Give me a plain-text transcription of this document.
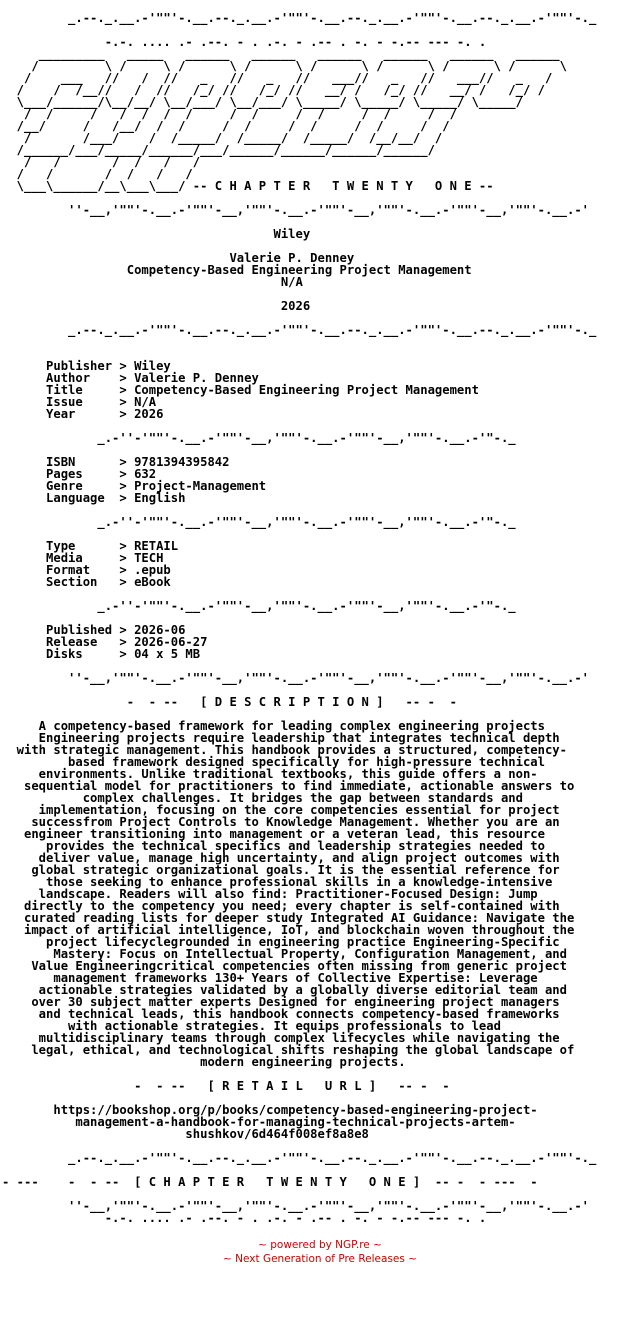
_.--._.__.-'""'-.__.--._.__.-'""'-.__.--._.__.-'""'-.__.--._.__.-'""'-._
-.-. .... .- .--. - . .-. - .-- . -. - -.-- --- -. .
_________   _____   ______   ______   ______   ______   ______   ______
/         \ /     \ /      \ /      \ /      \ /      \ /      \ /      \
/    ___   //   /  //   _   //   _   //   ___//   _   //   ___//   _   /
/    /  /__//   /  //   /_/ //   /_/ //   __/ /   /_/ //   __/ /   /_/ /
\___/______/\__/__/ \__/___/ \__/___/ \_____/ \_____/ \_____/ \_____/
/  /     /   /  /  /  /     /  /     /  /     /  /     /  /
/__/     /   /__/  /  /     /  /     /  /     /  /     /  /
/       /___/    /  /_____/  /_____/  /_____/  /__/__/  /
/______/___/_____/______/___/______/______/______/______/
/   /       /  /   /   /
/   /       /  /   /   /
\___\______/__\___\___/ -- C H A P T E R   T W E N T Y   O N E --
''-__,'""'-.__.-'""'-__,'""'-.__.-'""'-__,'""'-.__.-'""'-__,'""'-.__.-'
Wiley
Valerie P. Denney
Competency-Based Engineering Project Management
N/A
2026
_.--._.__.-'""'-.__.--._.__.-'""'-.__.--._.__.-'""'-.__.--._.__.-'""'-._
Publisher > Wiley
Author    > Valerie P. Denney
Title     > Competency-Based Engineering Project Management
Issue     > N/A
Year      > 2026
_.-''-'""'-.__.-'""'-__,'""'-.__.-'""'-__,'""'-.__.-'"-._
ISBN      > 9781394395842
Pages     > 632
Genre     > Project-Management
Language  > English
_.-''-'""'-.__.-'""'-__,'""'-.__.-'""'-__,'""'-.__.-'"-._
Type      > RETAIL
Media     > TECH
Format    > .epub
Section   > eBook
_.-''-'""'-.__.-'""'-__,'""'-.__.-'""'-__,'""'-.__.-'"-._
Published > 2026-06
Release   > 2026-06-27
Disks     > 04 x 5 MB
''-__,'""'-.__.-'""'-__,'""'-.__.-'""'-__,'""'-.__.-'""'-__,'""'-.__.-'
-  - --   [ D E S C R I P T I O N ]   -- -  -
A competency-based framework for leading complex engineering projects
Engineering projects require leadership that integrates technical depth
with strategic management. This handbook provides a structured, competency-
based framework designed specifically for high-pressure technical
environments. Unlike traditional textbooks, this guide offers a non-
sequential model for practitioners to find immediate, actionable answers to
complex challenges. It bridges the gap between standards and
implementation, focusing on the core competencies essential for project
successfrom Project Controls to Knowledge Management. Whether you are an
engineer transitioning into management or a veteran lead, this resource
provides the technical specifics and leadership strategies needed to
deliver value, manage high uncertainty, and align project outcomes with
global strategic organizational goals. It is the essential reference for
those seeking to enhance professional skills in a knowledge-intensive
landscape. Readers will also find: Practitioner-Focused Design: Jump
directly to the competency you need; every chapter is self-contained with
curated reading lists for deeper study Integrated AI Guidance: Navigate the
impact of artificial intelligence, IoT, and blockchain woven throughout the
project lifecyclegrounded in engineering practice Engineering-Specific
Mastery: Focus on Intellectual Property, Configuration Management, and
Value Engineeringcritical competencies often missing from generic project
management frameworks 130+ Years of Collective Expertise: Leverage
actionable strategies validated by a globally diverse editorial team and
over 30 subject matter experts Designed for engineering project managers
and technical leads, this handbook connects competency-based frameworks
with actionable strategies. It equips professionals to lead
multidisciplinary teams through complex lifecycles while navigating the
legal, ethical, and technological shifts reshaping the global landscape of
modern engineering projects.
-  - --   [ R E T A I L   U R L ]   -- -  -
https://bookshop.org/p/books/competency-based-engineering-project-
management-a-handbook-for-managing-technical-projects-artem-
shushkov/6d464f008ef8a8e8
_.--._.__.-'""'-.__.--._.__.-'""'-.__.--._.__.-'""'-.__.--._.__.-'""'-._
- ---    -  - --  [ C H A P T E R   T W E N T Y   O N E ]  -- -  - ---  -
''-__,'""'-.__.-'""'-__,'""'-.__.-'""'-__,'""'-.__.-'""'-__,'""'-.__.-'
-.-. .... .- .--. - . .-. - .-- . -. - -.-- --- -. .
~ powered by NGP.re ~
~ Next Generation of Pre Releases ~
